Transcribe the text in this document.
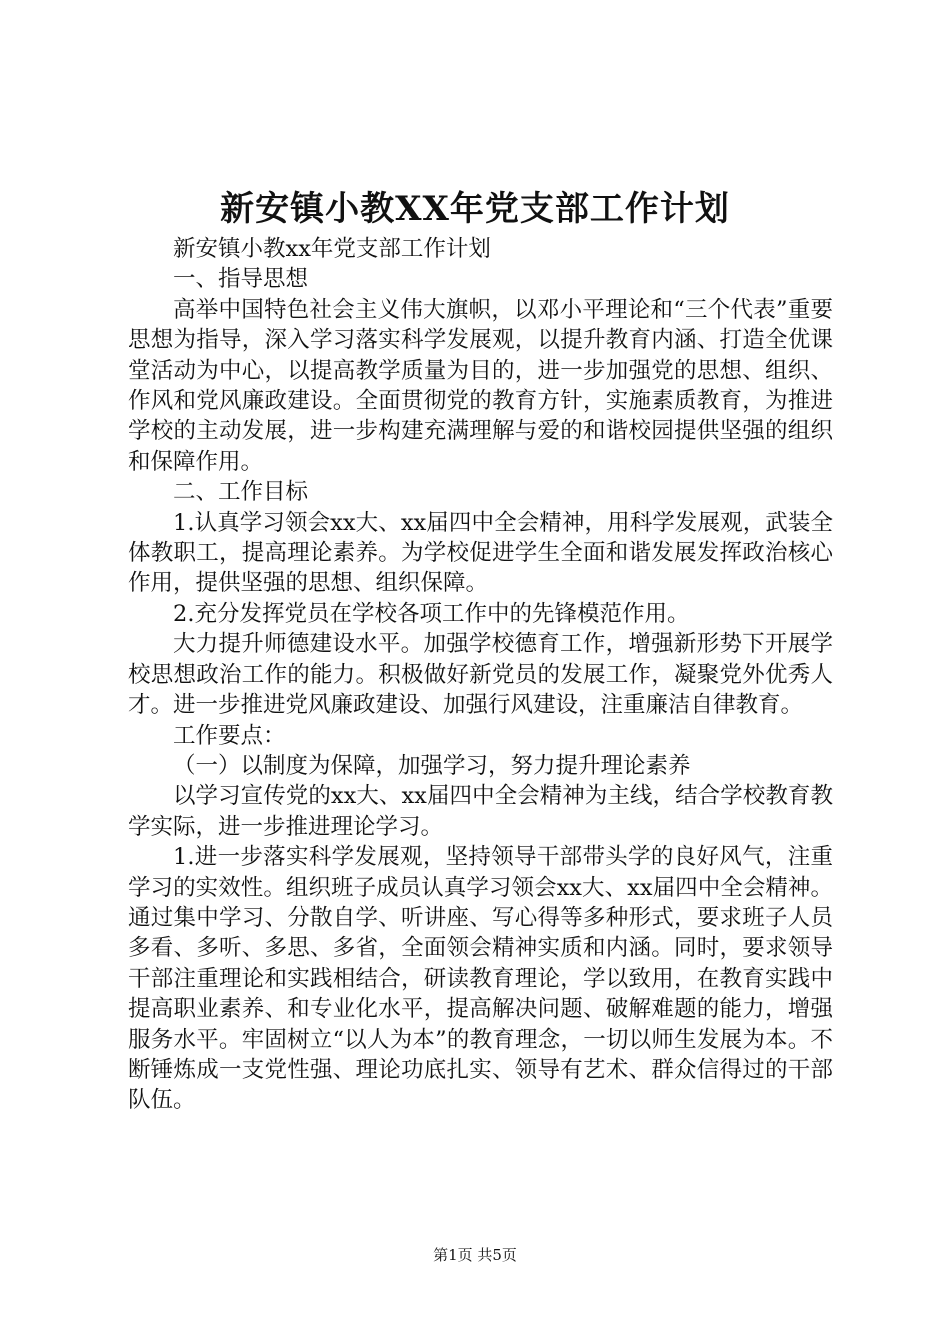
新安镇小教XX年党支部工作计划

新安镇小教xx年党支部工作计划

一、指导思想

高举中国特色社会主义伟大旗帜，以邓小平理论和“三个代表”重要思想为指导，深入学习落实科学发展观，以提升教育内涵、打造全优课堂活动为中心，以提高教学质量为目的，进一步加强党的思想、组织、作风和党风廉政建设。全面贯彻党的教育方针，实施素质教育，为推进学校的主动发展，进一步构建充满理解与爱的和谐校园提供坚强的组织和保障作用。

二、工作目标

1.认真学习领会xx大、xx届四中全会精神，用科学发展观，武装全体教职工，提高理论素养。为学校促进学生全面和谐发展发挥政治核心作用，提供坚强的思想、组织保障。

2.充分发挥党员在学校各项工作中的先锋模范作用。

大力提升师德建设水平。加强学校德育工作，增强新形势下开展学校思想政治工作的能力。积极做好新党员的发展工作，凝聚党外优秀人才。进一步推进党风廉政建设、加强行风建设，注重廉洁自律教育。

工作要点：

（一）以制度为保障，加强学习，努力提升理论素养

以学习宣传党的xx大、xx届四中全会精神为主线，结合学校教育教学实际，进一步推进理论学习。

1.进一步落实科学发展观，坚持领导干部带头学的良好风气，注重学习的实效性。组织班子成员认真学习领会xx大、xx届四中全会精神。通过集中学习、分散自学、听讲座、写心得等多种形式，要求班子人员多看、多听、多思、多省，全面领会精神实质和内涵。同时，要求领导干部注重理论和实践相结合，研读教育理论，学以致用，在教育实践中提高职业素养、和专业化水平，提高解决问题、破解难题的能力，增强服务水平。牢固树立“以人为本”的教育理念，一切以师生发展为本。不断锤炼成一支党性强、理论功底扎实、领导有艺术、群众信得过的干部队伍。

第1页 共5页
